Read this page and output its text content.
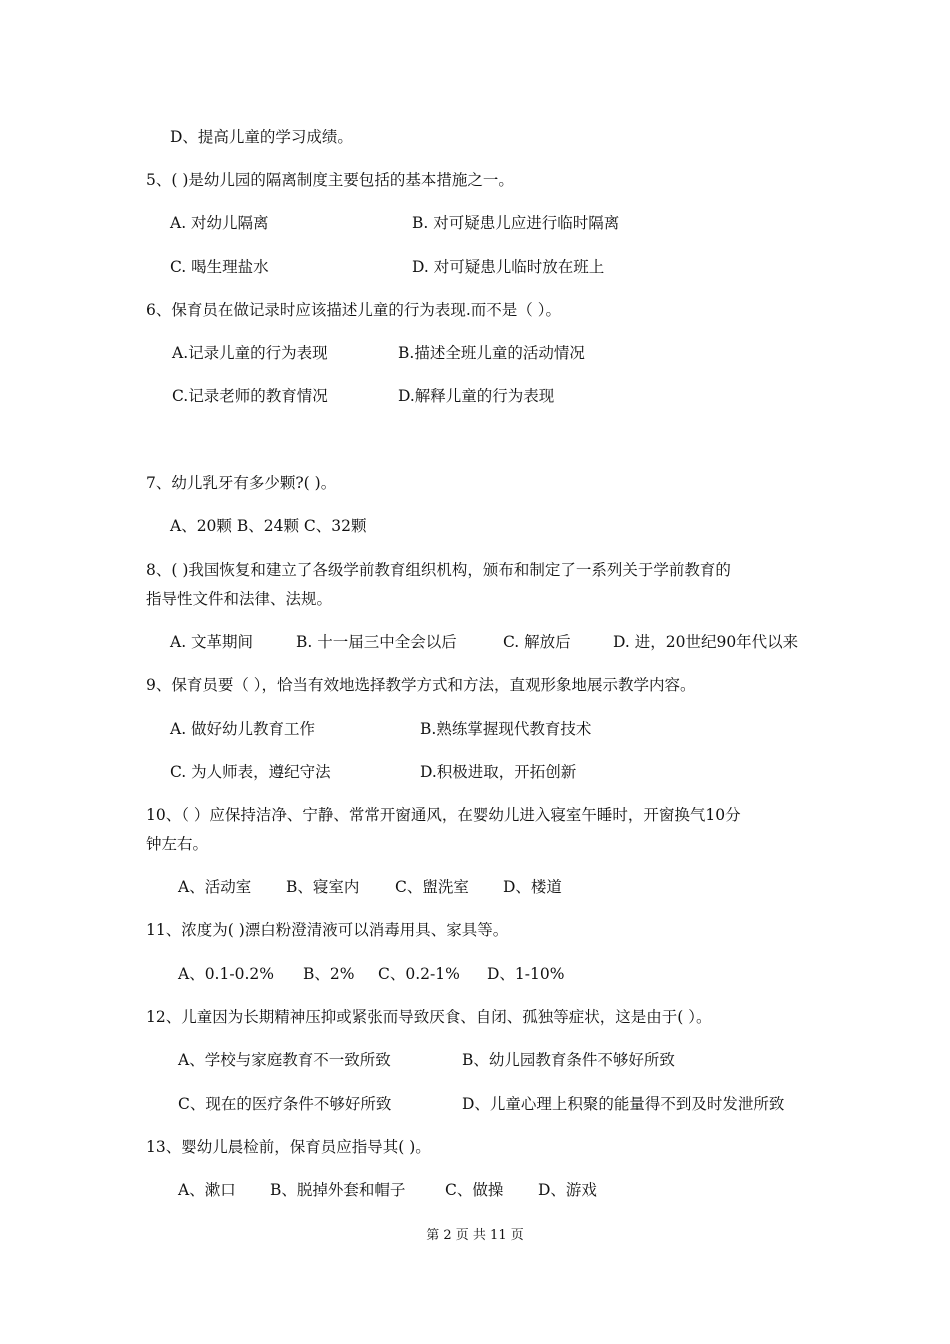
D、提高儿童的学习成绩。
5、( )是幼儿园的隔离制度主要包括的基本措施之一。
A. 对幼儿隔离	B. 对可疑患儿应进行临时隔离
C. 喝生理盐水	D. 对可疑患儿临时放在班上
6、保育员在做记录时应该描述儿童的行为表现.而不是（ ）。
A.记录儿童的行为表现	B.描述全班儿童的活动情况
C.记录老师的教育情况	D.解释儿童的行为表现
7、幼儿乳牙有多少颗?( )。
A、20颗 B、24颗 C、32颗
8、( )我国恢复和建立了各级学前教育组织机构，颁布和制定了一系列关于学前教育的
指导性文件和法律、法规。
A. 文革期间	B. 十一届三中全会以后	C. 解放后	D. 进，20世纪90年代以来
9、保育员要（ ），恰当有效地选择教学方式和方法，直观形象地展示教学内容。
A. 做好幼儿教育工作	B.熟练掌握现代教育技术
C. 为人师表，遵纪守法	D.积极进取，开拓创新
10、（ ）应保持洁净、宁静、常常开窗通风，在婴幼儿进入寝室午睡时，开窗换气10分
钟左右。
A、活动室 B、寝室内 C、盥洗室 D、楼道
11、浓度为( )漂白粉澄清液可以消毒用具、家具等。
A、0.1-0.2% B、2% C、0.2-1% D、1-10%
12、儿童因为长期精神压抑或紧张而导致厌食、自闭、孤独等症状，这是由于( ）。
A、学校与家庭教育不一致所致	B、幼儿园教育条件不够好所致
C、现在的医疗条件不够好所致	D、儿童心理上积聚的能量得不到及时发泄所致
13、婴幼儿晨检前，保育员应指导其( )。
A、漱口 B、脱掉外套和帽子	C、做操 D、游戏
第 2 页 共 11 页
